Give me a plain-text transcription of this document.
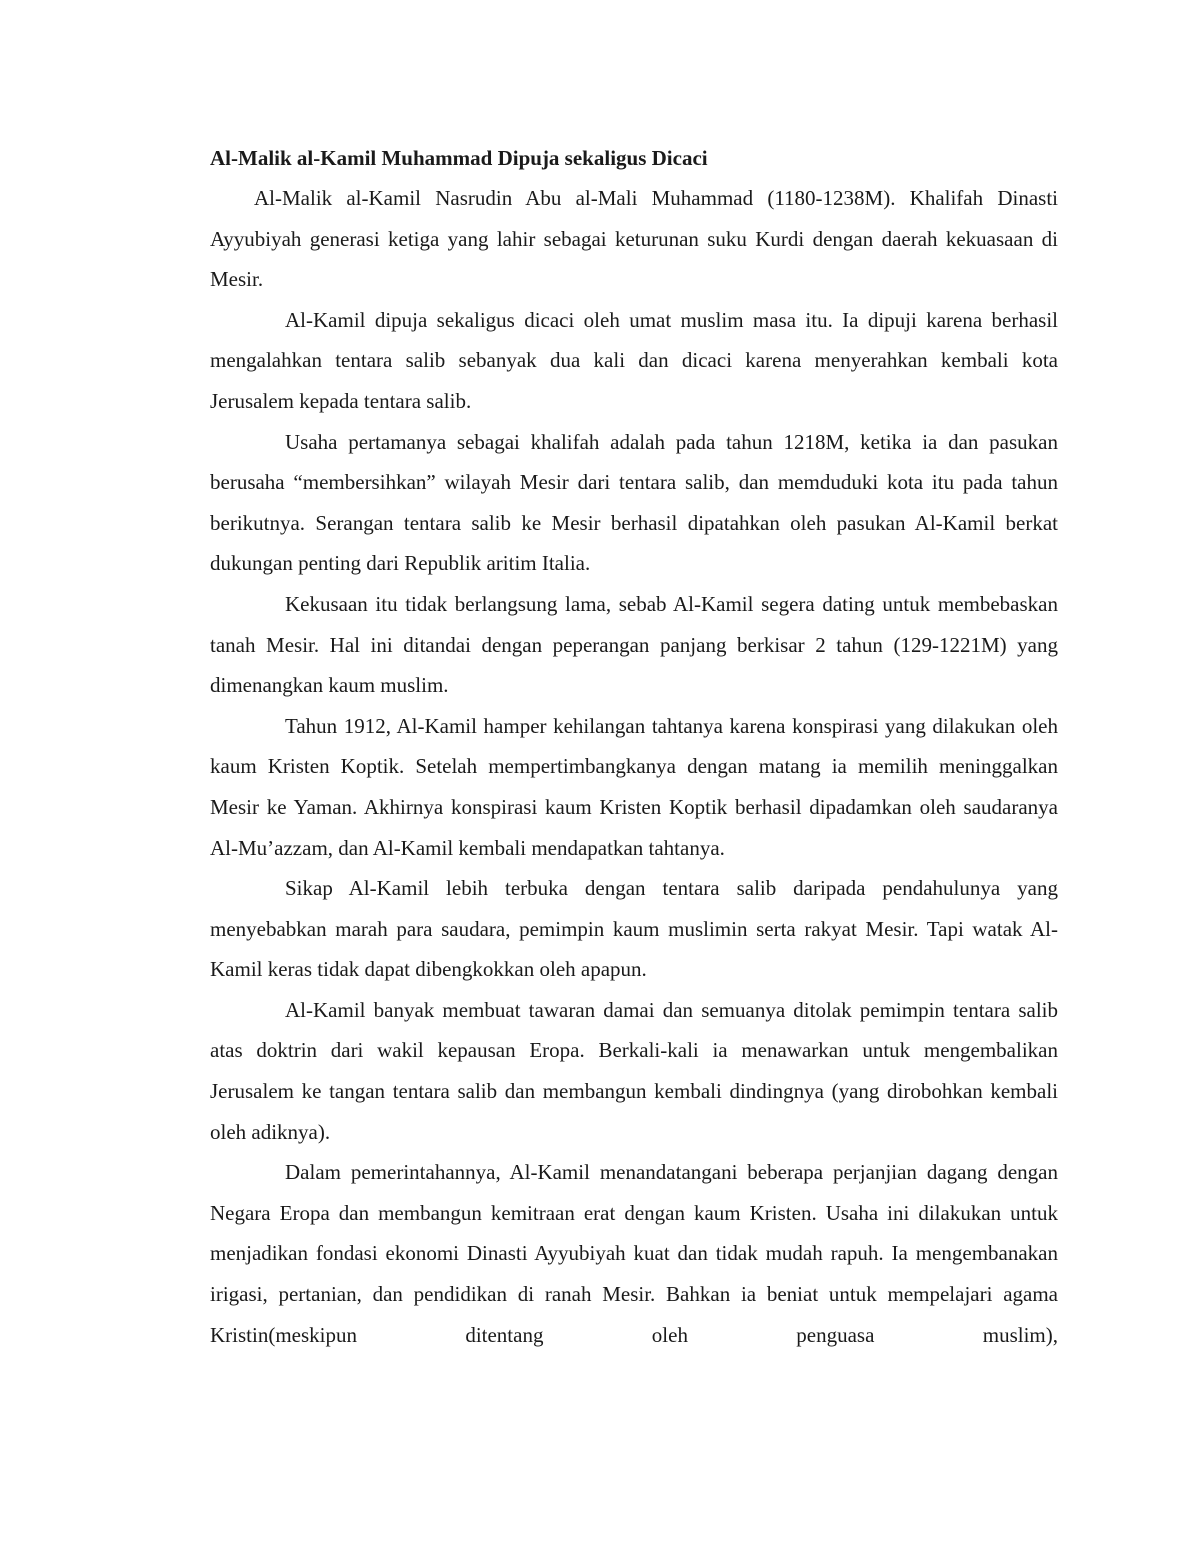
Al-Malik al-Kamil Muhammad Dipuja sekaligus Dicaci

Al-Malik al-Kamil Nasrudin Abu al-Mali Muhammad (1180-1238M). Khalifah Dinasti Ayyubiyah generasi ketiga yang lahir sebagai keturunan suku Kurdi dengan daerah kekuasaan di Mesir.

Al-Kamil dipuja sekaligus dicaci oleh umat muslim masa itu. Ia dipuji karena berhasil mengalahkan tentara salib sebanyak dua kali dan dicaci karena menyerahkan kembali kota Jerusalem kepada tentara salib.

Usaha pertamanya sebagai khalifah adalah pada tahun 1218M, ketika ia dan pasukan berusaha “membersihkan” wilayah Mesir dari tentara salib, dan memduduki kota itu pada tahun berikutnya. Serangan tentara salib ke Mesir berhasil dipatahkan oleh pasukan Al-Kamil berkat dukungan penting dari Republik aritim Italia.

Kekusaan itu tidak berlangsung lama, sebab Al-Kamil segera dating untuk membebaskan tanah Mesir. Hal ini ditandai dengan peperangan panjang berkisar 2 tahun (129-1221M) yang dimenangkan kaum muslim.

Tahun 1912, Al-Kamil hamper kehilangan tahtanya karena konspirasi yang dilakukan oleh kaum Kristen Koptik. Setelah mempertimbangkanya dengan matang ia memilih meninggalkan Mesir ke Yaman. Akhirnya konspirasi kaum Kristen Koptik berhasil dipadamkan oleh saudaranya Al-Mu’azzam, dan Al-Kamil kembali mendapatkan tahtanya.

Sikap Al-Kamil lebih terbuka dengan tentara salib daripada pendahulunya yang menyebabkan marah para saudara, pemimpin kaum muslimin serta rakyat Mesir. Tapi watak Al-Kamil keras tidak dapat dibengkokkan oleh apapun.

Al-Kamil banyak membuat tawaran damai dan semuanya ditolak pemimpin tentara salib atas doktrin dari wakil kepausan Eropa. Berkali-kali ia menawarkan untuk mengembalikan Jerusalem ke tangan tentara salib dan membangun kembali dindingnya (yang dirobohkan kembali oleh adiknya).

Dalam pemerintahannya, Al-Kamil menandatangani beberapa perjanjian dagang dengan Negara Eropa dan membangun kemitraan erat dengan kaum Kristen. Usaha ini dilakukan untuk menjadikan fondasi ekonomi Dinasti Ayyubiyah kuat dan tidak mudah rapuh. Ia mengembanakan irigasi, pertanian, dan pendidikan di ranah Mesir. Bahkan ia beniat untuk mempelajari agama Kristin(meskipun ditentang oleh penguasa muslim),
